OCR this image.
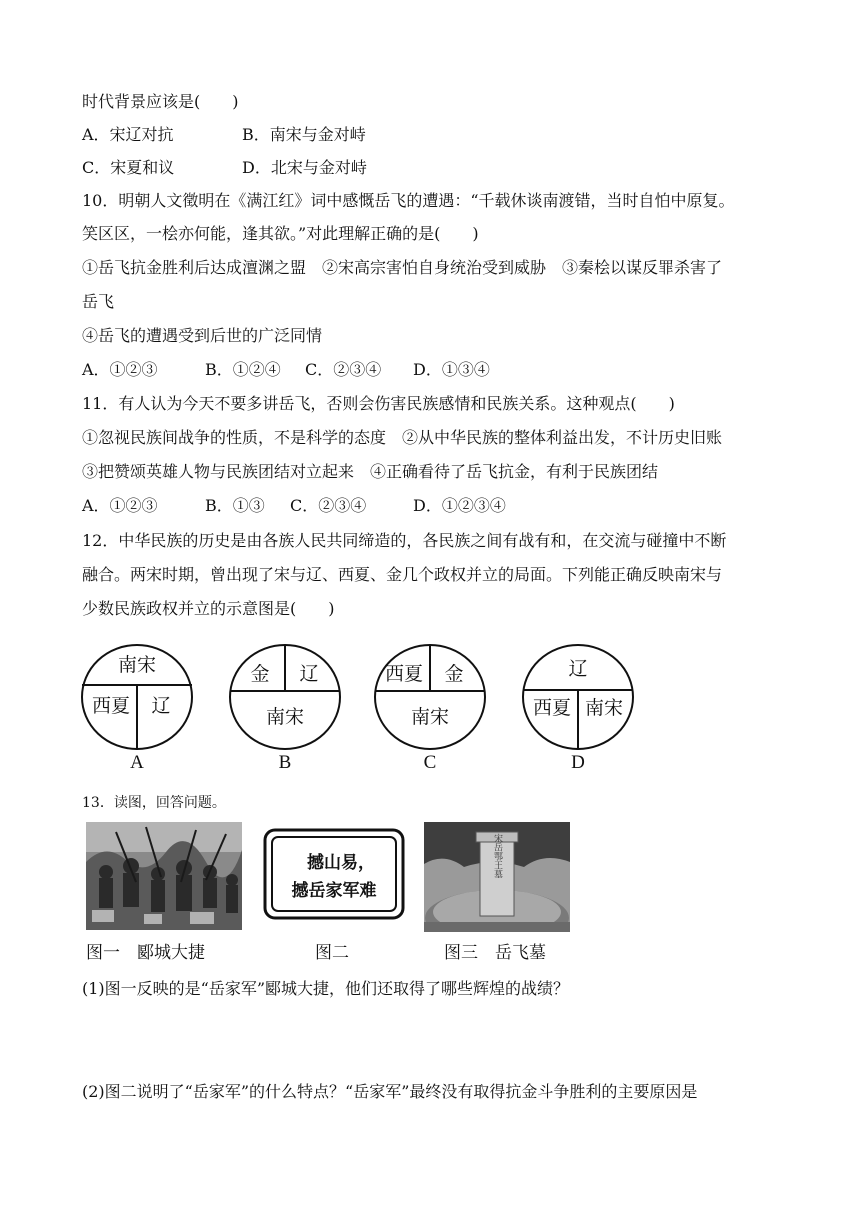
时代背景应该是(　　)
A．宋辽对抗	B．南宋与金对峙
C．宋夏和议	D．北宋与金对峙
10．明朝人文徵明在《满江红》词中感慨岳飞的遭遇：“千载休谈南渡错，当时自怕中原复。
笑区区，一桧亦何能，逢其欲。”对此理解正确的是(　　)
①岳飞抗金胜利后达成澶渊之盟　②宋高宗害怕自身统治受到威胁　③秦桧以谋反罪杀害了
岳飞
④岳飞的遭遇受到后世的广泛同情
A．①②③	B．①②④ C．②③④ D．①③④
11．有人认为今天不要多讲岳飞，否则会伤害民族感情和民族关系。这种观点(　　)
①忽视民族间战争的性质，不是科学的态度　②从中华民族的整体利益出发，不计历史旧账
③把赞颂英雄人物与民族团结对立起来　④正确看待了岳飞抗金，有利于民族团结
A．①②③	B．①③ C．②③④	D．①②③④
12．中华民族的历史是由各族人民共同缔造的，各民族之间有战有和，在交流与碰撞中不断
融合。两宋时期，曾出现了宋与辽、西夏、金几个政权并立的局面。下列能正确反映南宋与
少数民族政权并立的示意图是(　　)
南宋
西夏 辽
A
金 辽
南宋
B
西夏 金
南宋
C
辽
西夏 南宋
D
13．读图，回答问题。
图一　郾城大捷
撼山易，
撼岳家军难
图二
宋岳鄂王墓
图三　岳飞墓
(1)图一反映的是“岳家军”郾城大捷，他们还取得了哪些辉煌的战绩？
(2)图二说明了“岳家军”的什么特点？“岳家军”最终没有取得抗金斗争胜利的主要原因是
